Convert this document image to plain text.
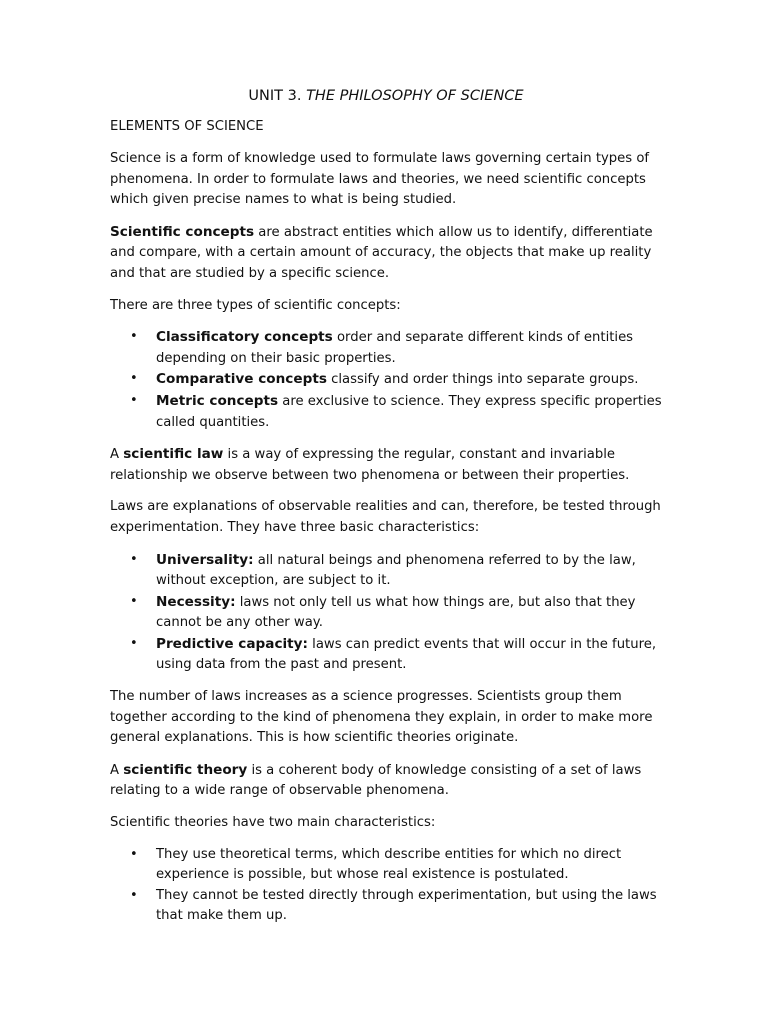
UNIT 3. THE PHILOSOPHY OF SCIENCE
ELEMENTS OF SCIENCE

Science is a form of knowledge used to formulate laws governing certain types of phenomena. In order to formulate laws and theories, we need scientific concepts which given precise names to what is being studied.

Scientific concepts are abstract entities which allow us to identify, differentiate and compare, with a certain amount of accuracy, the objects that make up reality and that are studied by a specific science.

There are three types of scientific concepts:

• Classificatory concepts order and separate different kinds of entities depending on their basic properties.
• Comparative concepts classify and order things into separate groups.
• Metric concepts are exclusive to science. They express specific properties called quantities.

A scientific law is a way of expressing the regular, constant and invariable relationship we observe between two phenomena or between their properties.

Laws are explanations of observable realities and can, therefore, be tested through experimentation. They have three basic characteristics:

• Universality: all natural beings and phenomena referred to by the law, without exception, are subject to it.
• Necessity: laws not only tell us what how things are, but also that they cannot be any other way.
• Predictive capacity: laws can predict events that will occur in the future, using data from the past and present.

The number of laws increases as a science progresses. Scientists group them together according to the kind of phenomena they explain, in order to make more general explanations. This is how scientific theories originate.

A scientific theory is a coherent body of knowledge consisting of a set of laws relating to a wide range of observable phenomena.

Scientific theories have two main characteristics:

• They use theoretical terms, which describe entities for which no direct experience is possible, but whose real existence is postulated.
• They cannot be tested directly through experimentation, but using the laws that make them up.
